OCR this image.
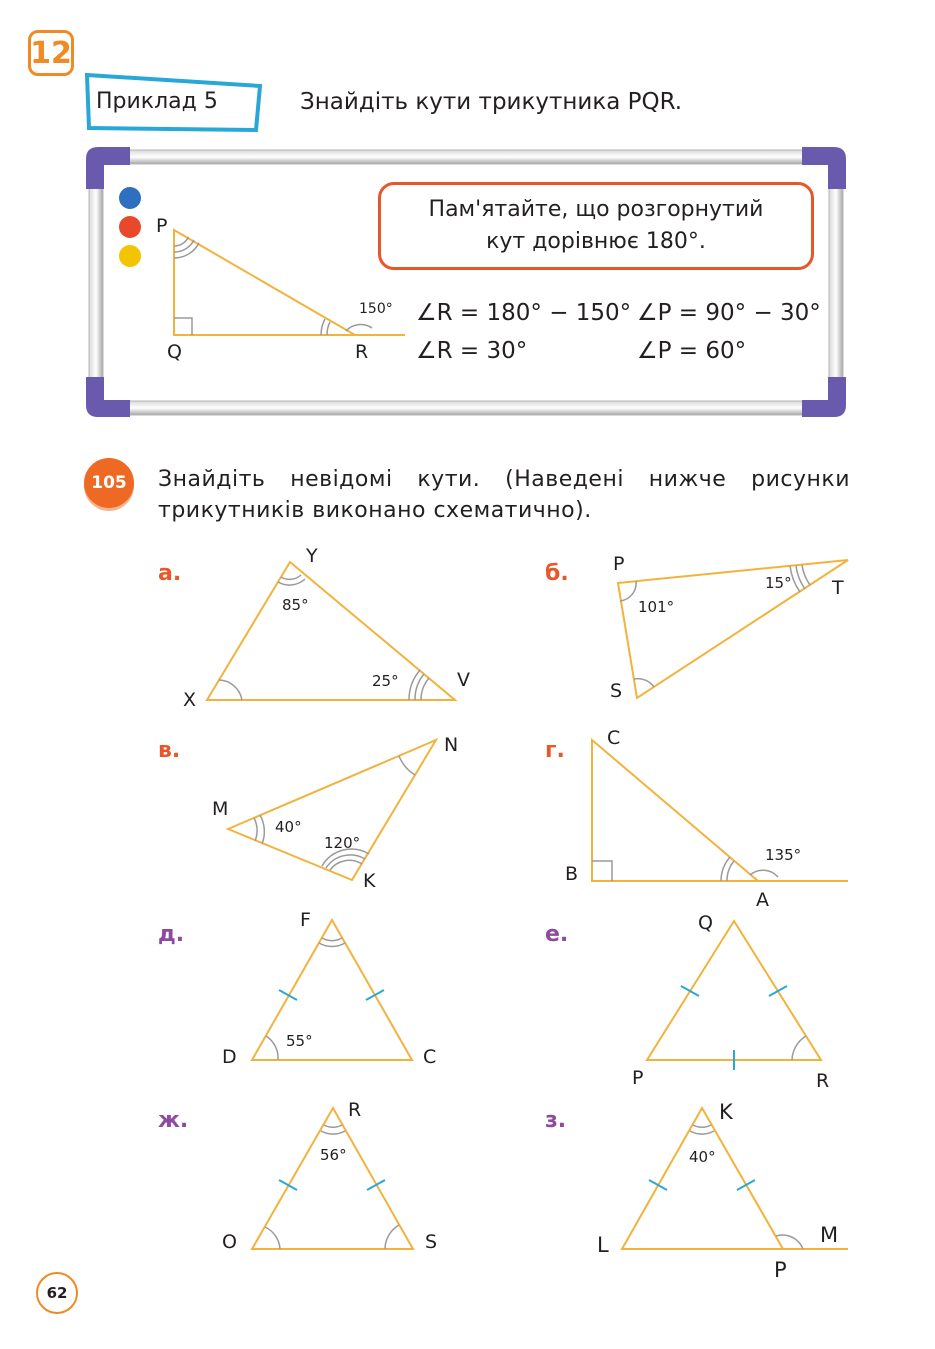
12
Приклад 5	Знайдіть кути трикутника PQR.
P
Q	R
150°
Пам'ятайте, що розгорнутий
кут дорівнює 180°.
∠R = 180° − 150°
∠R = 30°
∠P = 90° − 30°
∠P = 60°
105	Знайдіть невідомі кути. (Наведені нижче рисунки трикутників виконано схематично).
а.	б.
в.	г.
д.	е.
ж.	з.
Y
X
V
85°
25°
P
T
S
101°
15°
M
N
K
40°
120°
C
B
A
135°
F
D	C
55°
Q
P	R
R
O	S
56°
K
L
P
M
40°
62
